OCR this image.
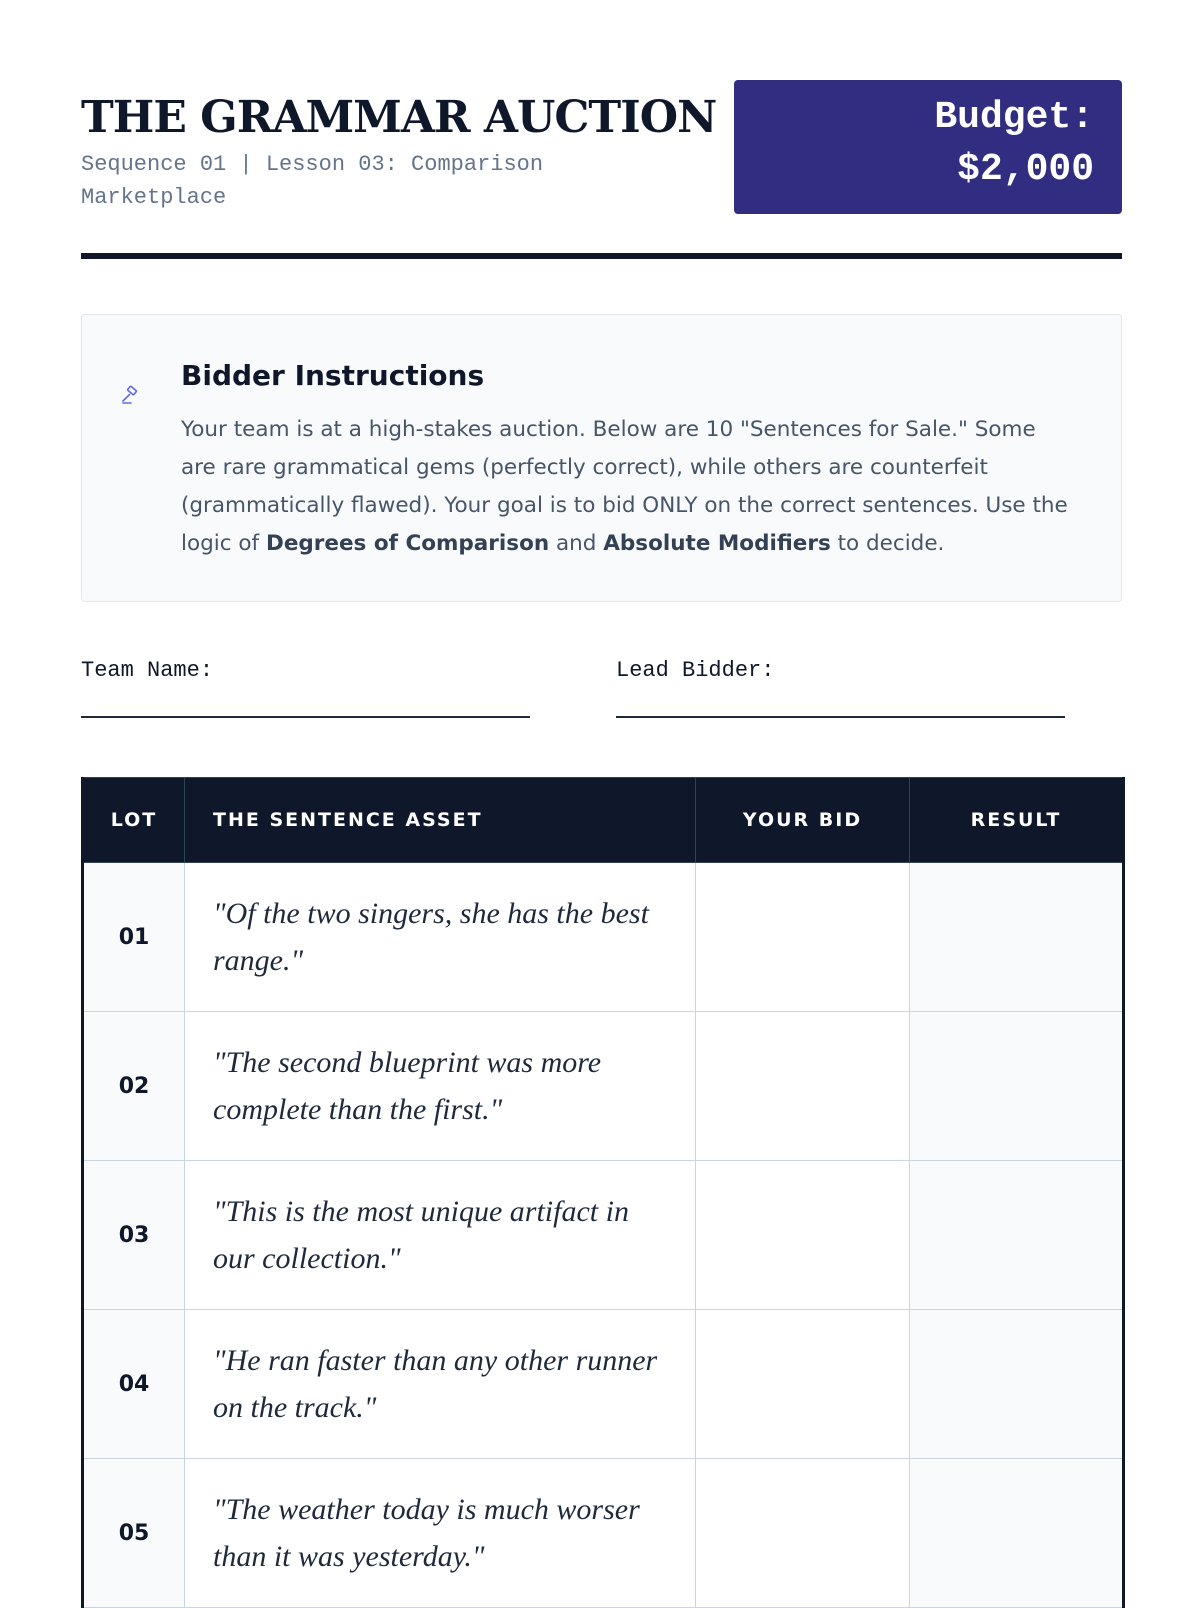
THE GRAMMAR AUCTION

Sequence 01 | Lesson 03: Comparison Marketplace

Budget:
$2,000
Bidder Instructions

Your team is at a high-stakes auction. Below are 10 "Sentences for Sale." Some are rare grammatical gems (perfectly correct), while others are counterfeit (grammatically flawed). Your goal is to bid ONLY on the correct sentences. Use the logic of Degrees of Comparison and Absolute Modifiers to decide.

Team Name:	Lead Bidder:
LOT	THE SENTENCE ASSET	YOUR BID	RESULT
01	"Of the two singers, she has the best range."		
02	"The second blueprint was more complete than the first."		
03	"This is the most unique artifact in our collection."		
04	"He ran faster than any other runner on the track."		
05	"The weather today is much worser than it was yesterday."		
